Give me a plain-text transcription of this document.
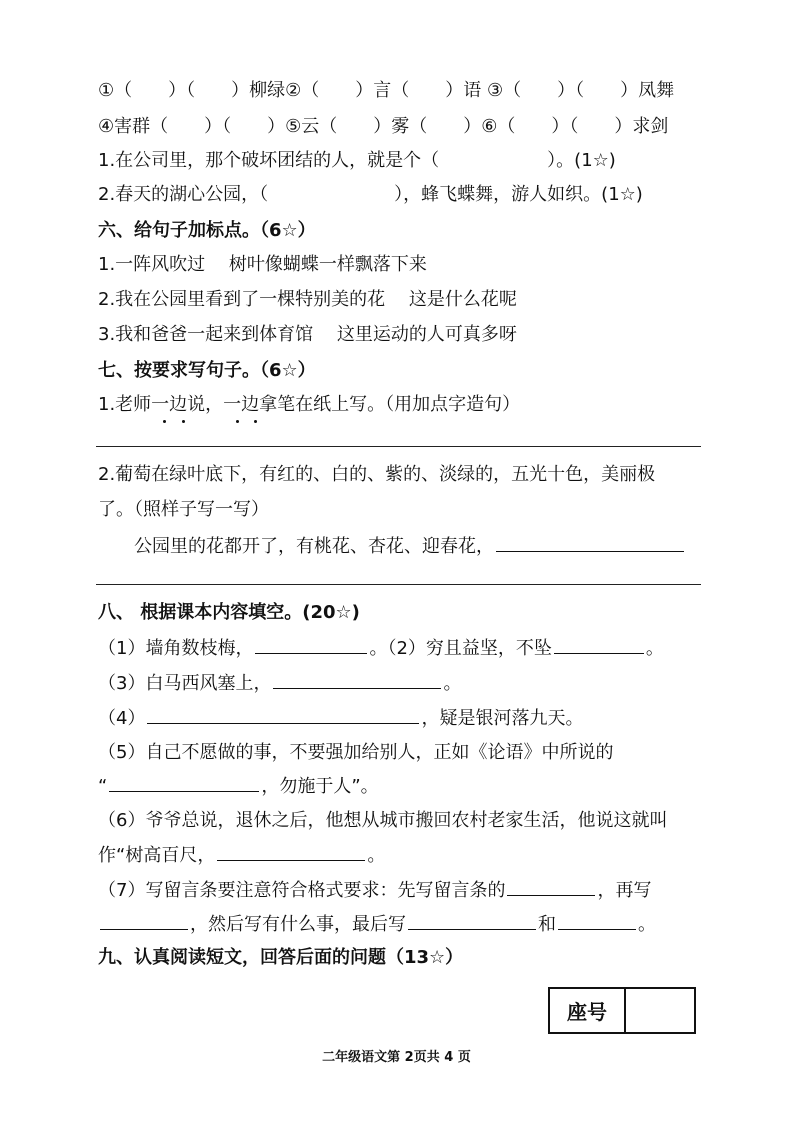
①（　　）（　　）柳绿②（　　）言（　　）语 ③（　　）（　　）凤舞
④害群（　　）（　　）⑤云（　　）雾（　　）⑥（　　）（　　）求剑
1.在公司里，那个破坏团结的人，就是个（　　　　　　）。(1☆)
2.春天的湖心公园，（　　　　　　　），蜂飞蝶舞，游人如织。(1☆)
六、给句子加标点。（6☆）
1.一阵风吹过　 树叶像蝴蝶一样飘落下来
2.我在公园里看到了一棵特别美的花　 这是什么花呢
3.我和爸爸一起来到体育馆　 这里运动的人可真多呀
七、按要求写句子。（6☆）
1.老师一边说，一边拿笔在纸上写。（用加点字造句）
2.葡萄在绿叶底下，有红的、白的、紫的、淡绿的，五光十色，美丽极
了。（照样子写一写）
公园里的花都开了，有桃花、杏花、迎春花，
八、 根据课本内容填空。(20☆)
（1）墙角数枝梅，	。（2）穷且益坚，不坠	。
（3）白马西风塞上，	。
（4）	，疑是银河落九天。
（5）自己不愿做的事，不要强加给别人，正如《论语》中所说的
“	，勿施于人”。
（6）爷爷总说，退休之后，他想从城市搬回农村老家生活，他说这就叫
作“树高百尺，	。
（7）写留言条要注意符合格式要求：先写留言条的	，再写
，然后写有什么事，最后写	和	。
九、认真阅读短文，回答后面的问题（13☆）
座号
二年级语文第 2页共 4 页
